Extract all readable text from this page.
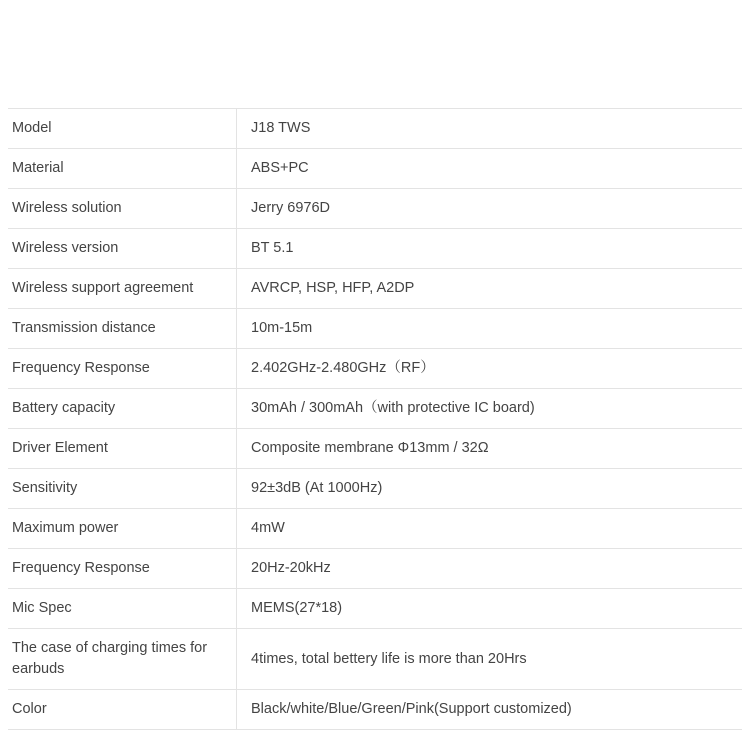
Model	J18 TWS
Material	ABS+PC
Wireless solution	Jerry 6976D
Wireless version	BT 5.1
Wireless support agreement	AVRCP, HSP, HFP, A2DP
Transmission distance	10m-15m
Frequency Response	2.402GHz-2.480GHz（RF）
Battery capacity	30mAh / 300mAh（with protective IC board)
Driver Element	Composite membrane Φ13mm / 32Ω
Sensitivity	92±3dB (At 1000Hz)
Maximum power	4mW
Frequency Response	20Hz-20kHz
Mic Spec	MEMS(27*18)
The case of charging times for earbuds	4times, total bettery life is more than 20Hrs
Color	Black/white/Blue/Green/Pink(Support customized)
